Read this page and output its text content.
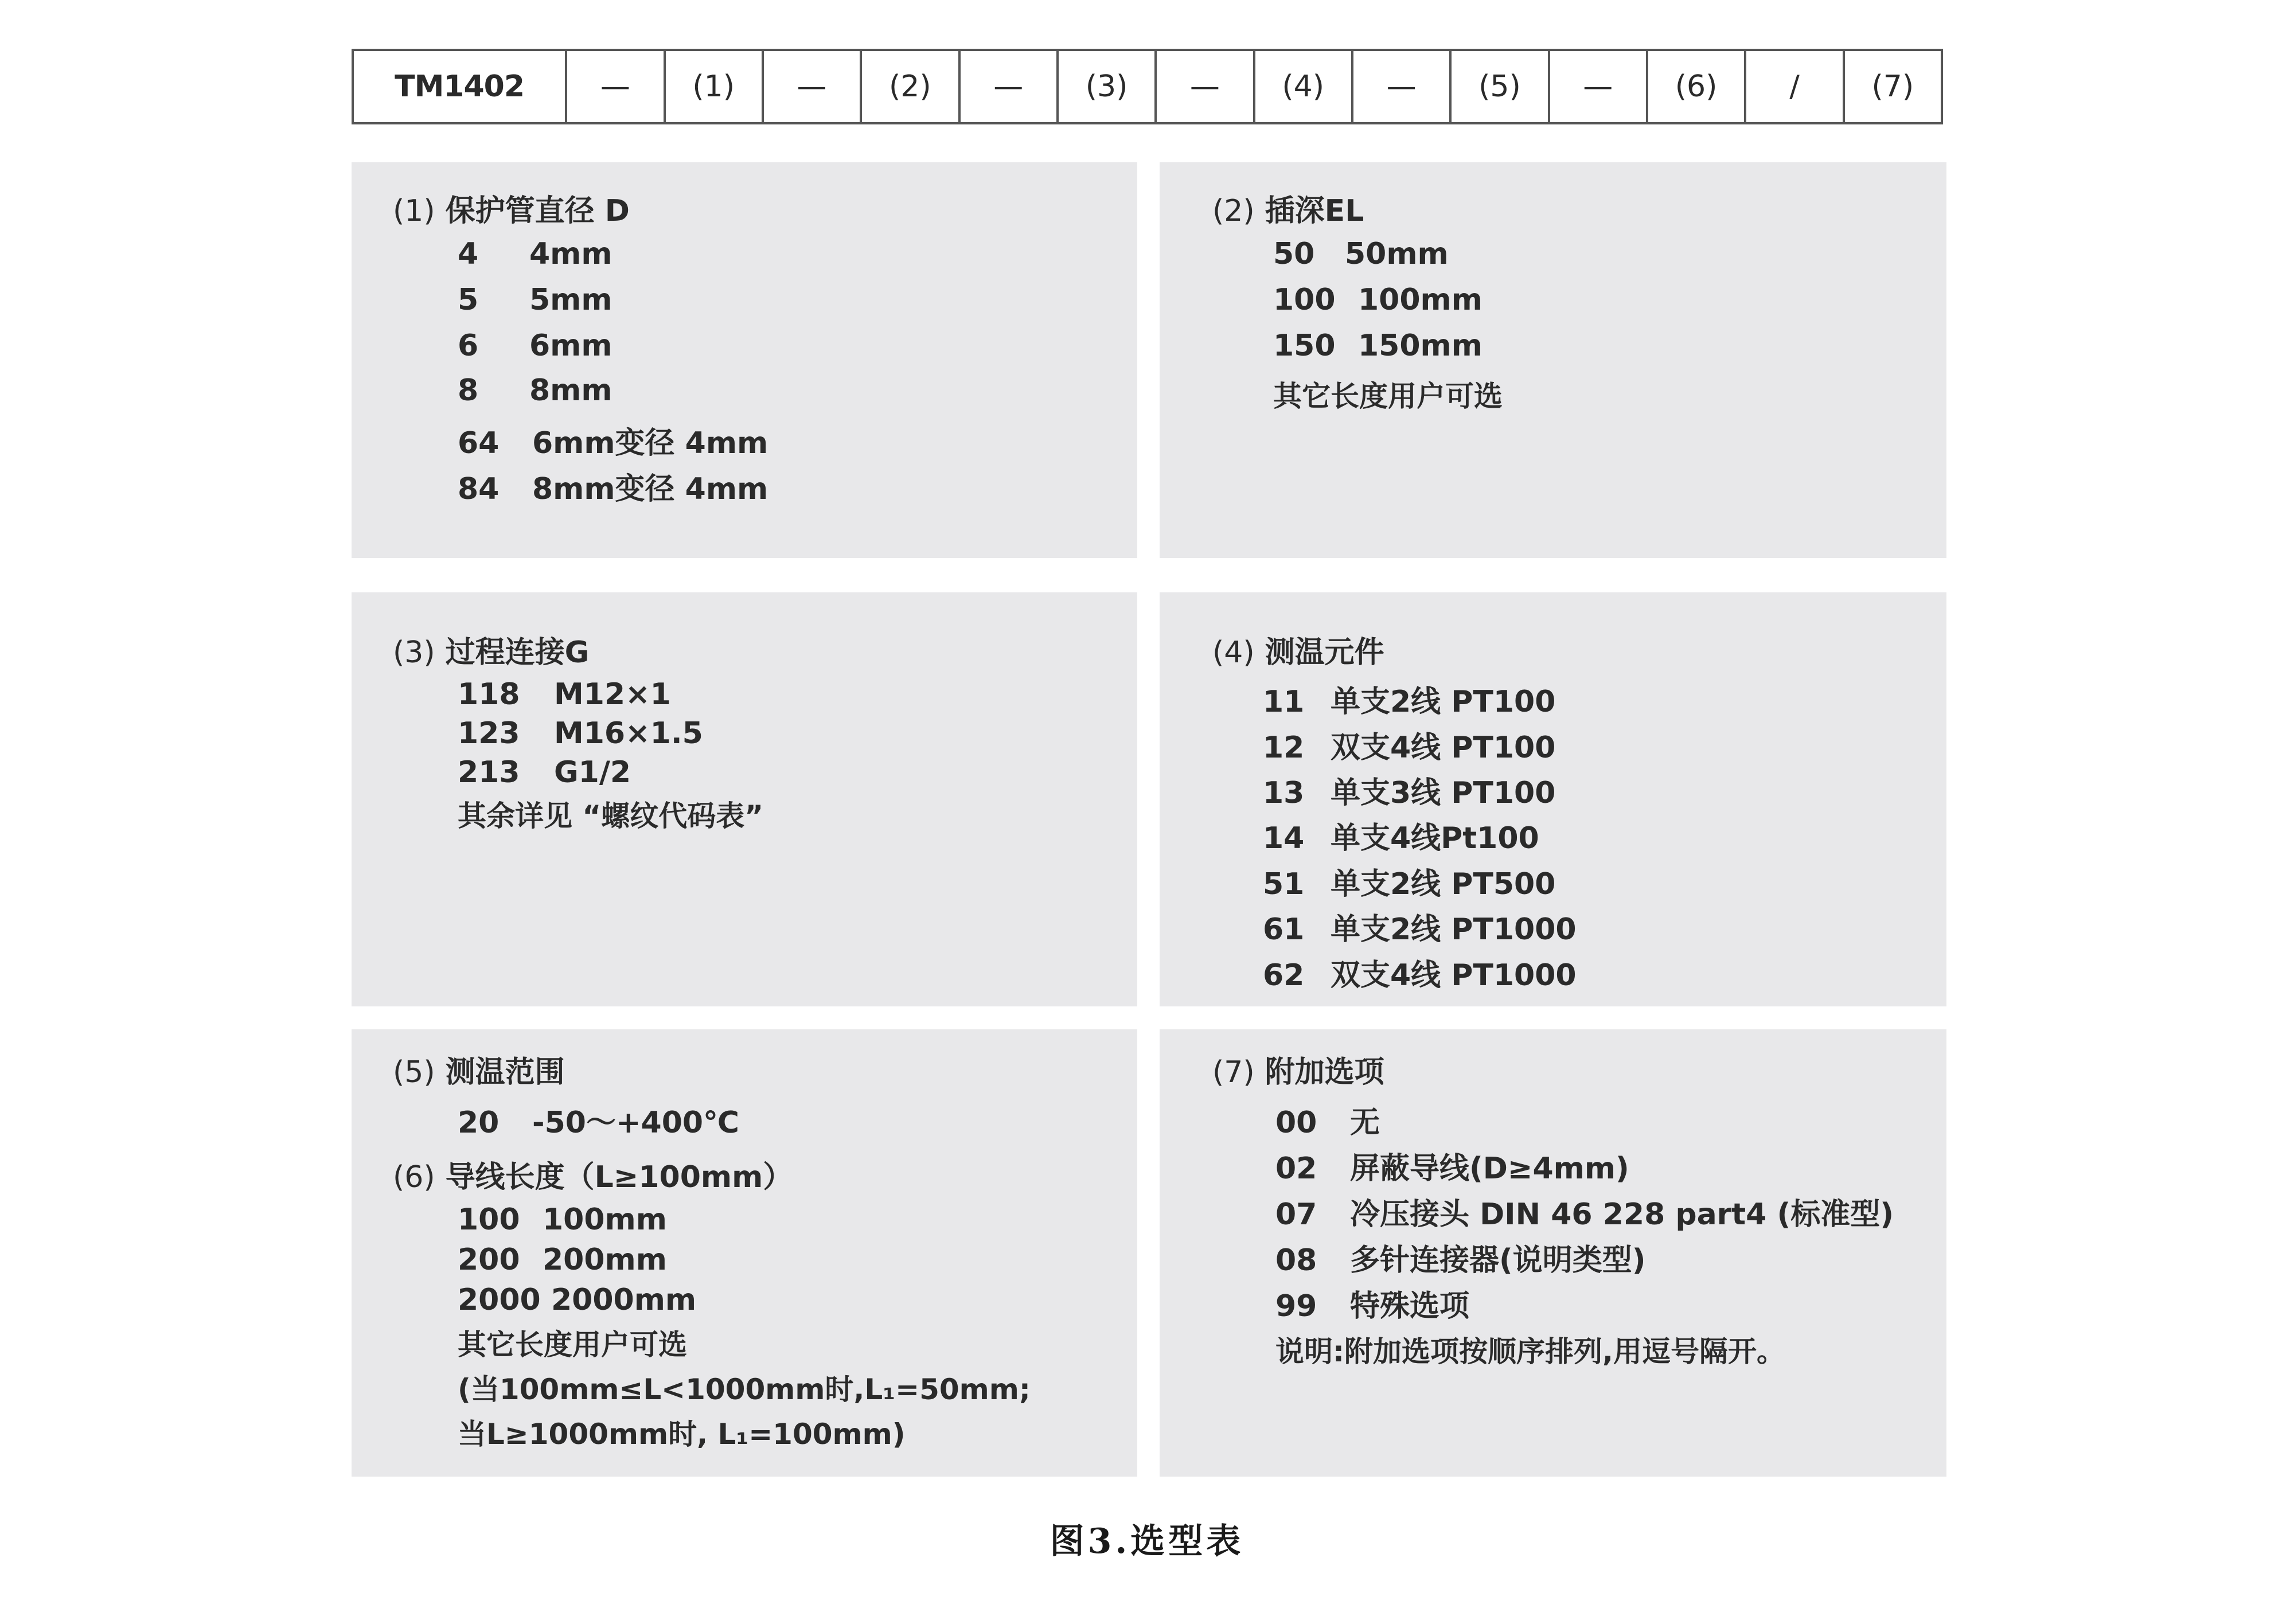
TM1402	—	(1)	—	(2)	—	(3)	—	(4)	—	(5)	—	(6)	/	(7)
(1) 保护管直径 D
4 4mm
5 5mm
6 6mm
8 8mm
64 6mm变径 4mm
84 8mm变径 4mm
(2) 插深EL
50 50mm
100 100mm
150 150mm
其它长度用户可选
(3) 过程连接G
118 M12×1
123 M16×1.5
213 G1/2
其余详见 “螺纹代码表”
(4) 测温元件
11 单支2线 PT100
12 双支4线 PT100
13 单支3线 PT100
14 单支4线Pt100
51 单支2线 PT500
61 单支2线 PT1000
62 双支4线 PT1000
(5) 测温范围
20 -50～+400℃
(6) 导线长度（L≥100mm）
100 100mm
200 200mm
2000 2000mm
其它长度用户可选
(当100mm≤L<1000mm时,L₁=50mm;
当L≥1000mm时, L₁=100mm)
(7) 附加选项
00 无
02 屏蔽导线(D≥4mm)
07 冷压接头 DIN 46 228 part4 (标准型)
08 多针连接器(说明类型)
99 特殊选项
说明:附加选项按顺序排列,用逗号隔开。
图3.选型表
